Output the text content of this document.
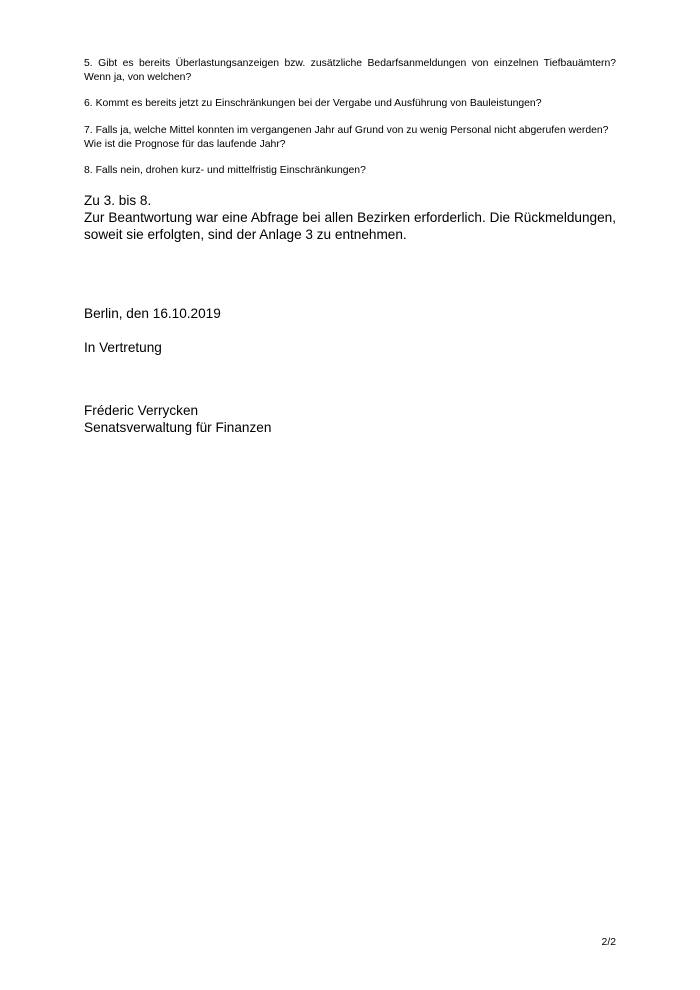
5. Gibt es bereits Überlastungsanzeigen bzw. zusätzliche Bedarfsanmeldungen von einzelnen Tiefbauämtern? Wenn ja, von welchen?

6. Kommt es bereits jetzt zu Einschränkungen bei der Vergabe und Ausführung von Bauleistungen?

7. Falls ja, welche Mittel konnten im vergangenen Jahr auf Grund von zu wenig Personal nicht abgerufen werden? Wie ist die Prognose für das laufende Jahr?

8. Falls nein, drohen kurz- und mittelfristig Einschränkungen?

Zu 3. bis 8.

Zur Beantwortung war eine Abfrage bei allen Bezirken erforderlich. Die Rückmeldungen, soweit sie erfolgten, sind der Anlage 3 zu entnehmen.

Berlin, den 16.10.2019

In Vertretung

Fréderic Verrycken

Senatsverwaltung für Finanzen

2/2
